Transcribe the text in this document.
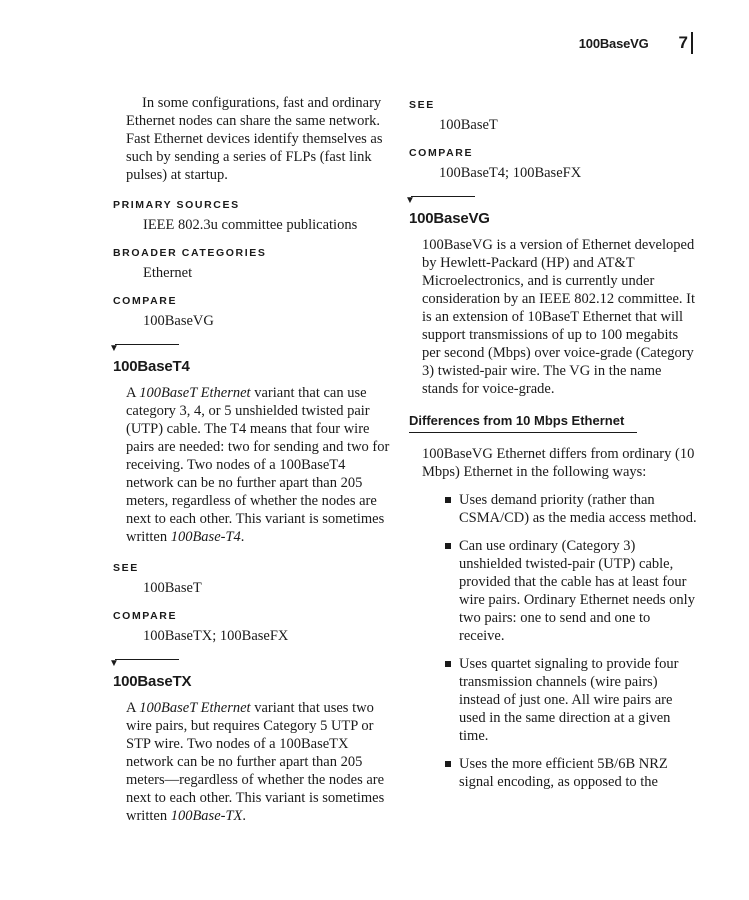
100BaseVG 7

In some configurations, fast and ordinary Ethernet nodes can share the same network. Fast Ethernet devices identify themselves as such by sending a series of FLPs (fast link pulses) at startup.

PRIMARY SOURCES
IEEE 802.3u committee publications
BROADER CATEGORIES
Ethernet
COMPARE
100BaseVG
▼
100BaseT4

A 100BaseT Ethernet variant that can use category 3, 4, or 5 unshielded twisted pair (UTP) cable. The T4 means that four wire pairs are needed: two for sending and two for receiving. Two nodes of a 100BaseT4 network can be no further apart than 205 meters, regardless of whether the nodes are next to each other. This variant is sometimes written 100Base-T4.

SEE
100BaseT
COMPARE
100BaseTX; 100BaseFX
▼
100BaseTX

A 100BaseT Ethernet variant that uses two wire pairs, but requires Category 5 UTP or STP wire. Two nodes of a 100BaseTX network can be no further apart than 205 meters—regardless of whether the nodes are next to each other. This variant is sometimes written 100Base-TX.

SEE
100BaseT
COMPARE
100BaseT4; 100BaseFX
▼
100BaseVG

100BaseVG is a version of Ethernet developed by Hewlett-Packard (HP) and AT&T Microelectronics, and is currently under consideration by an IEEE 802.12 committee. It is an extension of 10BaseT Ethernet that will support transmissions of up to 100 megabits per second (Mbps) over voice-grade (Category 3) twisted-pair wire. The VG in the name stands for voice-grade.

Differences from 10 Mbps Ethernet

100BaseVG Ethernet differs from ordinary (10 Mbps) Ethernet in the following ways:

Uses demand priority (rather than CSMA/CD) as the media access method.
Can use ordinary (Category 3) unshielded twisted-pair (UTP) cable, provided that the cable has at least four wire pairs. Ordinary Ethernet needs only two pairs: one to send and one to receive.
Uses quartet signaling to provide four transmission channels (wire pairs) instead of just one. All wire pairs are used in the same direction at a given time.
Uses the more efficient 5B/6B NRZ signal encoding, as opposed to the
